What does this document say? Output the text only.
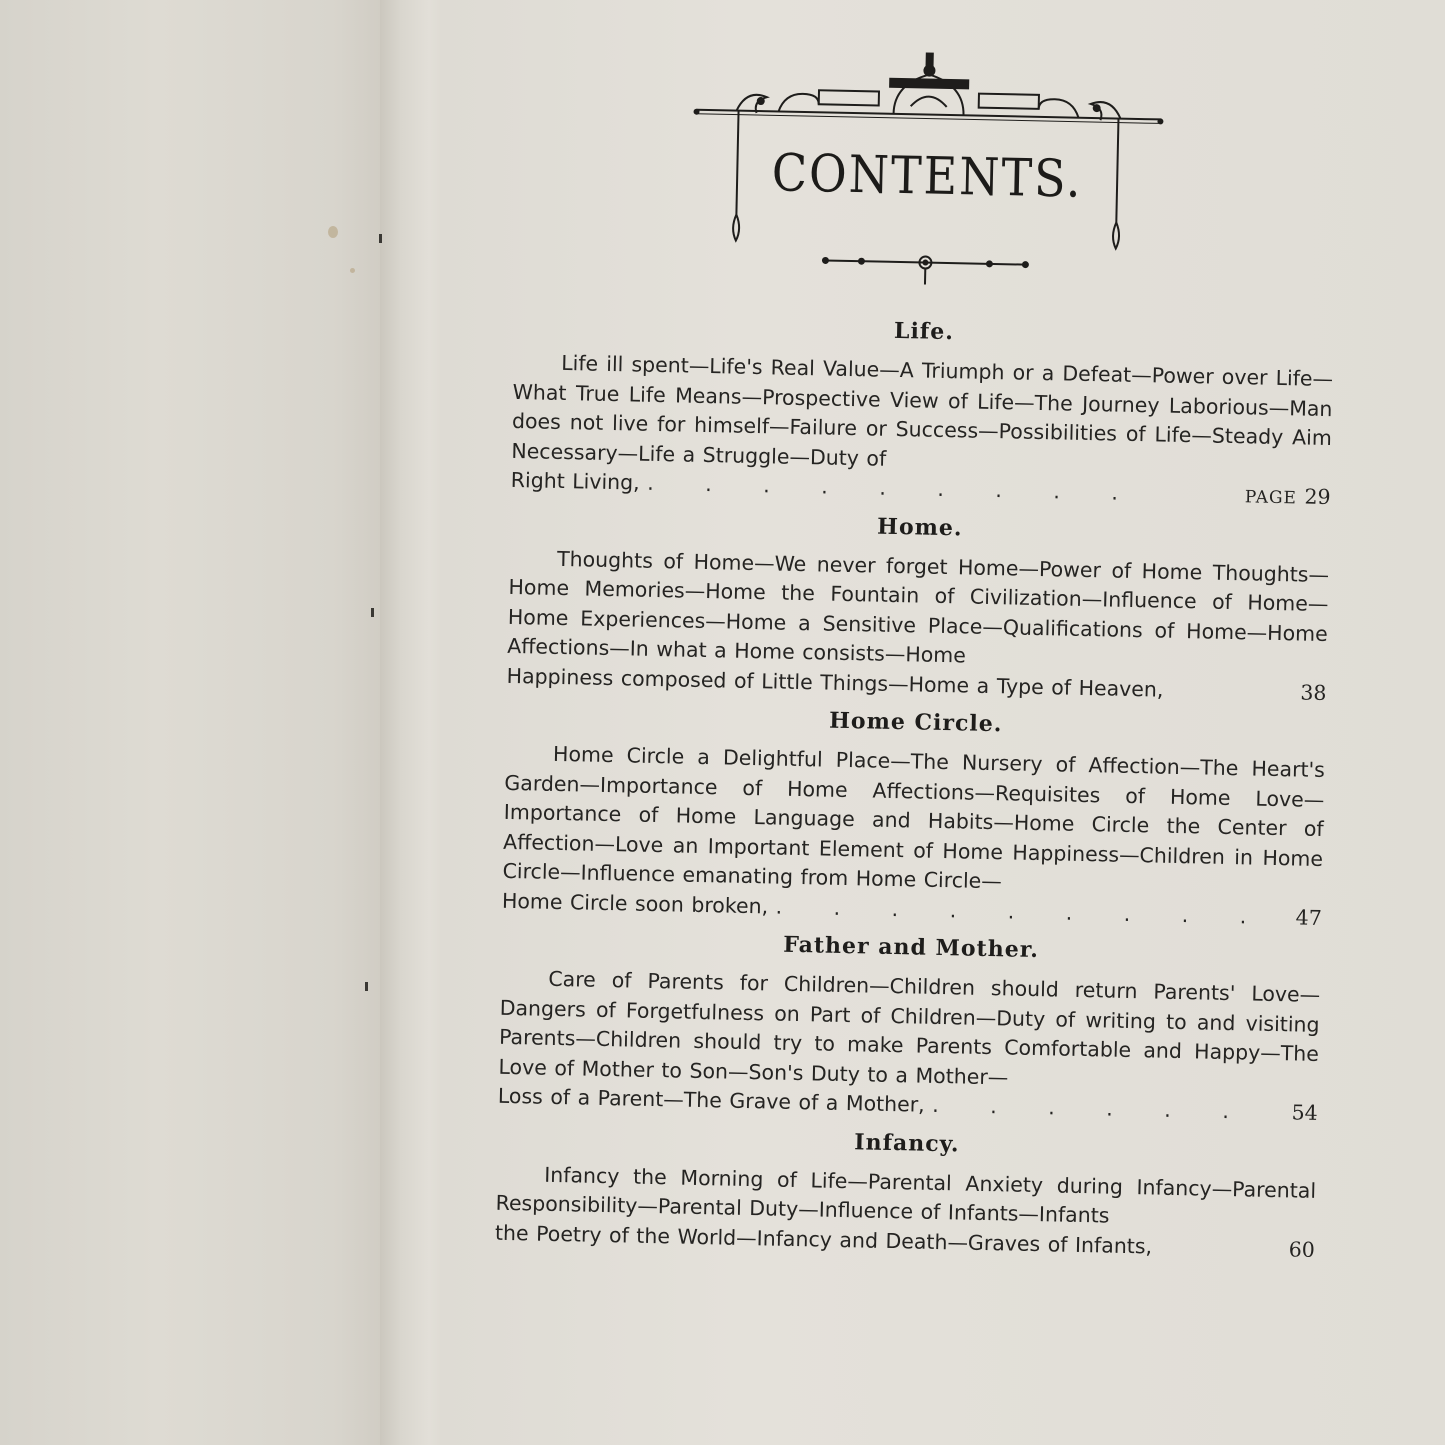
CONTENTS.
Life.

Life ill spent—Life's Real Value—A Triumph or a Defeat—Power over Life—What True Life Means—Prospective View of Life—The Journey Laborious—Man does not live for himself—Failure or Success—Possibilities of Life—Steady Aim Necessary—Life a Struggle—Duty of
Right Living, . . . . . . . . .	PAGE 29

Home.

Thoughts of Home—We never forget Home—Power of Home Thoughts—Home Memories—Home the Fountain of Civilization—Influence of Home—Home Experiences—Home a Sensitive Place—Qualifications of Home—Home Affections—In what a Home consists—Home
Happiness composed of Little Things—Home a Type of Heaven,	38

Home Circle.

Home Circle a Delightful Place—The Nursery of Affection—The Heart's Garden—Importance of Home Affections—Requisites of Home Love—Importance of Home Language and Habits—Home Circle the Center of Affection—Love an Important Element of Home Happiness—Children in Home Circle—Influence emanating from Home Circle—
Home Circle soon broken, . . . . . . . . . 47

Father and Mother.

Care of Parents for Children—Children should return Parents' Love—Dangers of Forgetfulness on Part of Children—Duty of writing to and visiting Parents—Children should try to make Parents Comfortable and Happy—The Love of Mother to Son—Son's Duty to a Mother—
Loss of a Parent—The Grave of a Mother, . . . . . . 54

Infancy.

Infancy the Morning of Life—Parental Anxiety during Infancy—Parental Responsibility—Parental Duty—Influence of Infants—Infants
the Poetry of the World—Infancy and Death—Graves of Infants,	60
